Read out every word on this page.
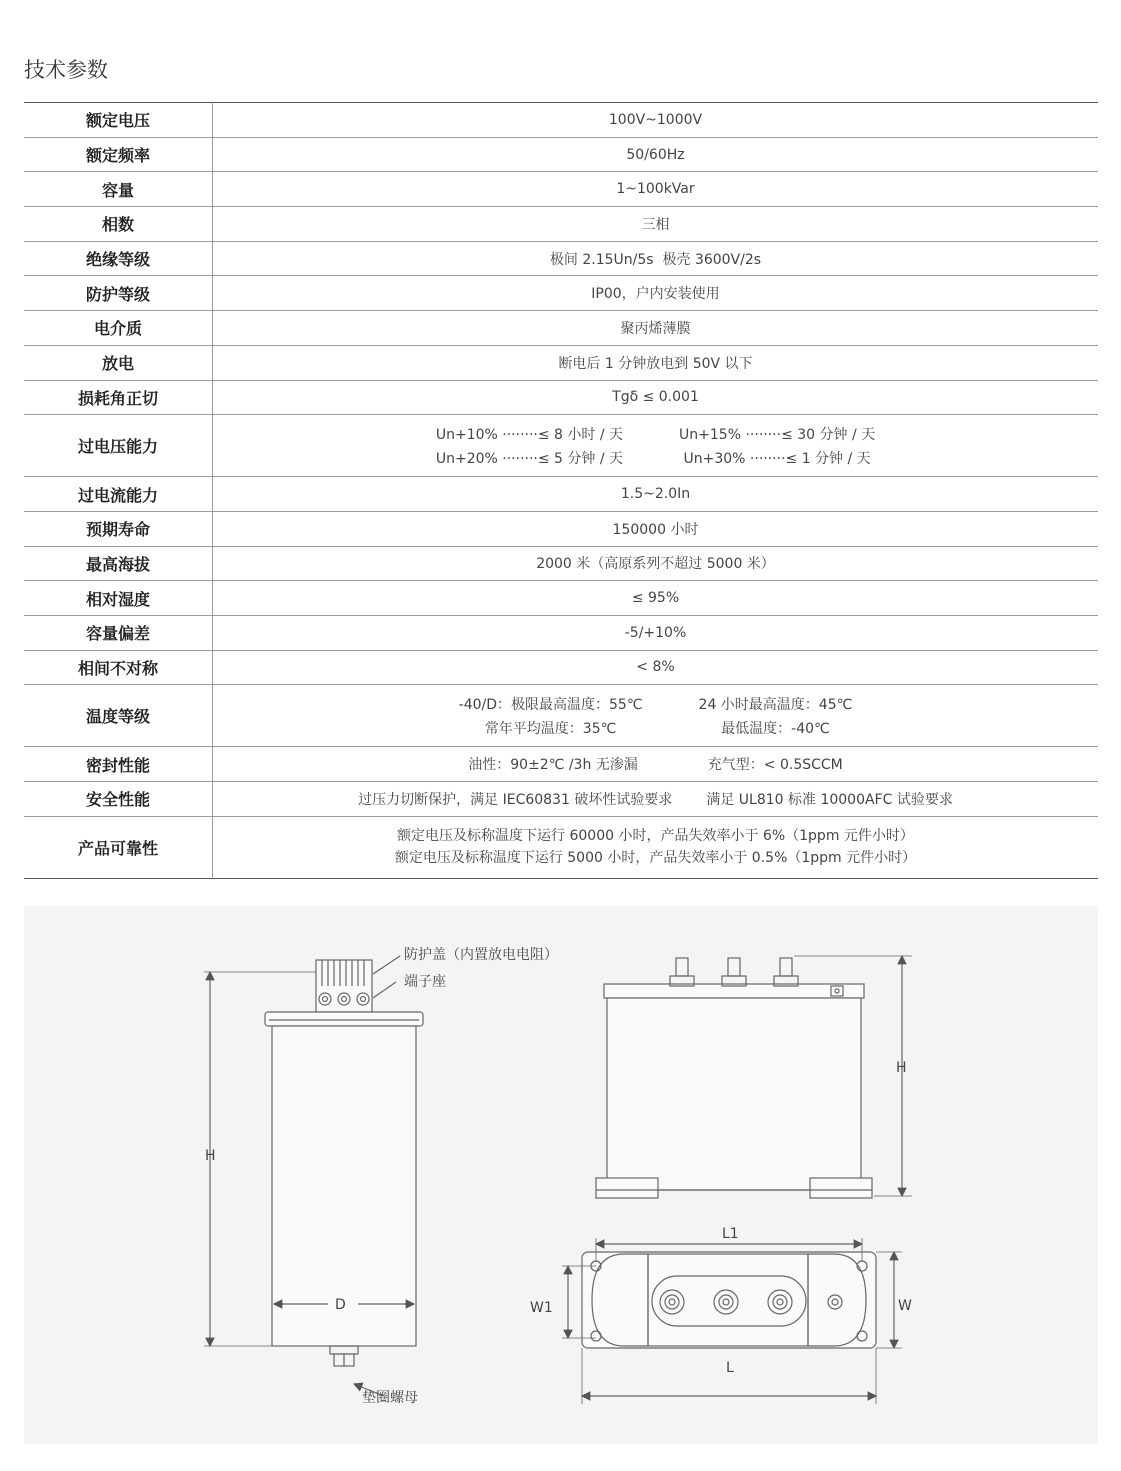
技术参数
额定电压	100V~1000V
额定频率	50/60Hz
容量	1~100kVar
相数	三相
绝缘等级	极间 2.15Un/5s  极壳 3600V/2s
防护等级	IP00，户内安装使用
电介质	聚丙烯薄膜
放电	断电后 1 分钟放电到 50V 以下
损耗角正切	Tgδ ≤ 0.001
过电压能力	Un+10% ········≤ 8 小时 / 天 Un+15% ········≤ 30 分钟 / 天
Un+20% ········≤ 5 分钟 / 天 Un+30% ········≤ 1 分钟 / 天

过电流能力	1.5~2.0In
预期寿命	150000 小时
最高海拔	2000 米（高原系列不超过 5000 米）
相对湿度	≤ 95%
容量偏差	-5/+10%
相间不对称	< 8%
温度等级	-40/D：极限最高温度：55℃ 24 小时最高温度：45℃
常年平均温度：35℃ 最低温度：-40℃

密封性能	油性：90±2℃ /3h 无渗漏 充气型：< 0.5SCCM

安全性能	过压力切断保护，满足 IEC60831 破坏性试验要求 满足 UL810 标准 10000AFC 试验要求

产品可靠性	额定电压及标称温度下运行 60000 小时，产品失效率小于 6%（1ppm 元件小时）
额定电压及标称温度下运行 5000 小时，产品失效率小于 0.5%（1ppm 元件小时）
防护盖（内置放电电阻）
端子座
垫圈螺母
H
D
H
L1
W1	W
L
